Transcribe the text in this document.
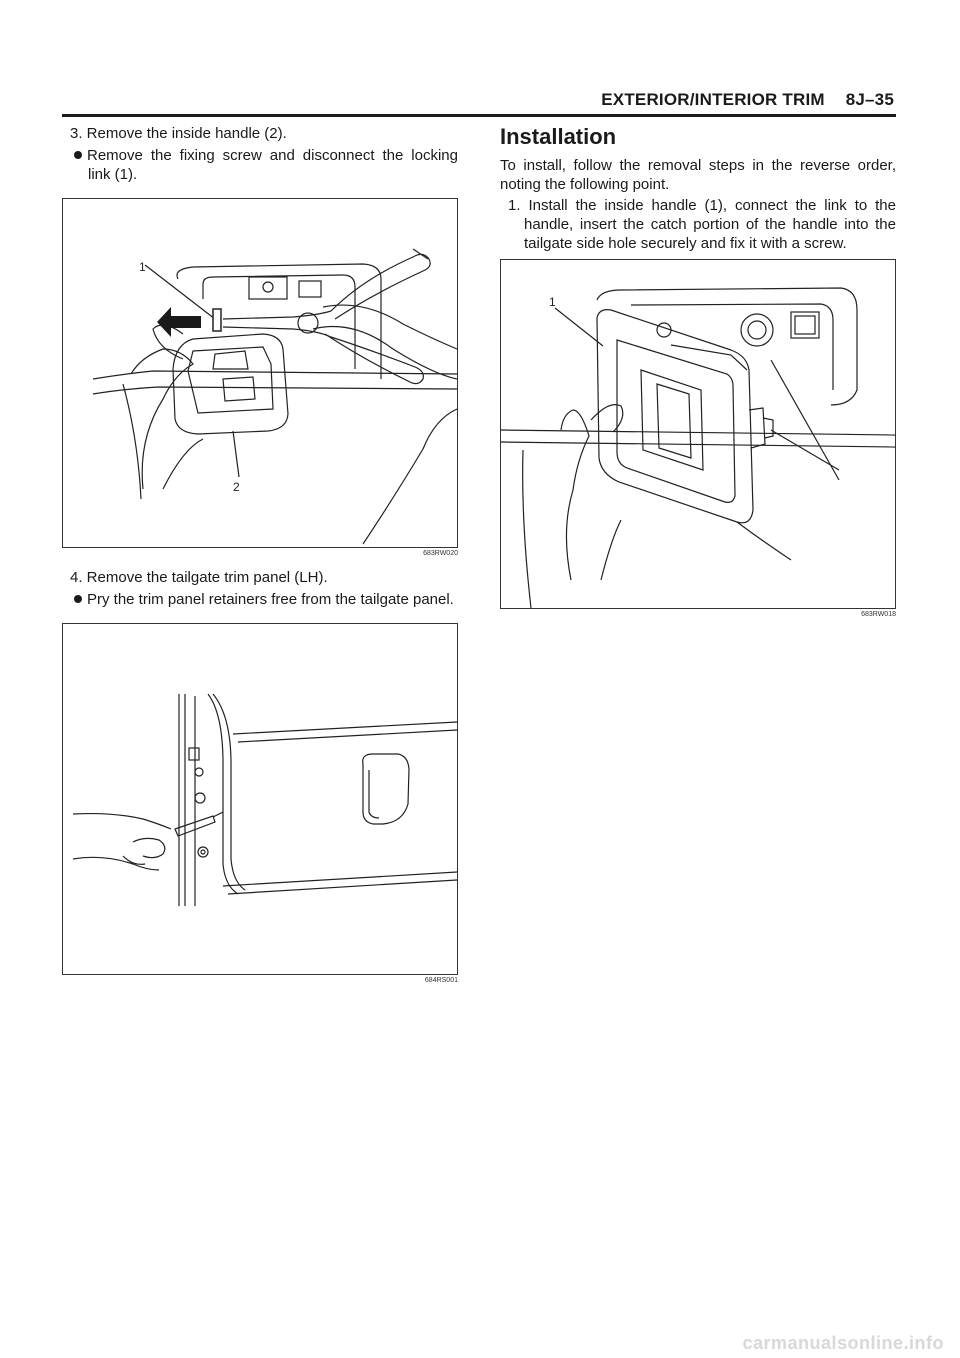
EXTERIOR/INTERIOR TRIM 8J–35

3. Remove the inside handle (2).

Remove the fixing screw and disconnect the locking link (1).

1
2
683RW020

4. Remove the tailgate trim panel (LH).

Pry the trim panel retainers free from the tailgate panel.

684RS001
Installation

To install, follow the removal steps in the reverse order, noting the following point.

1. Install the inside handle (1), connect the link to the handle, insert the catch portion of the handle into the tailgate side hole securely and fix it with a screw.

1
683RW018
carmanualsonline.info
